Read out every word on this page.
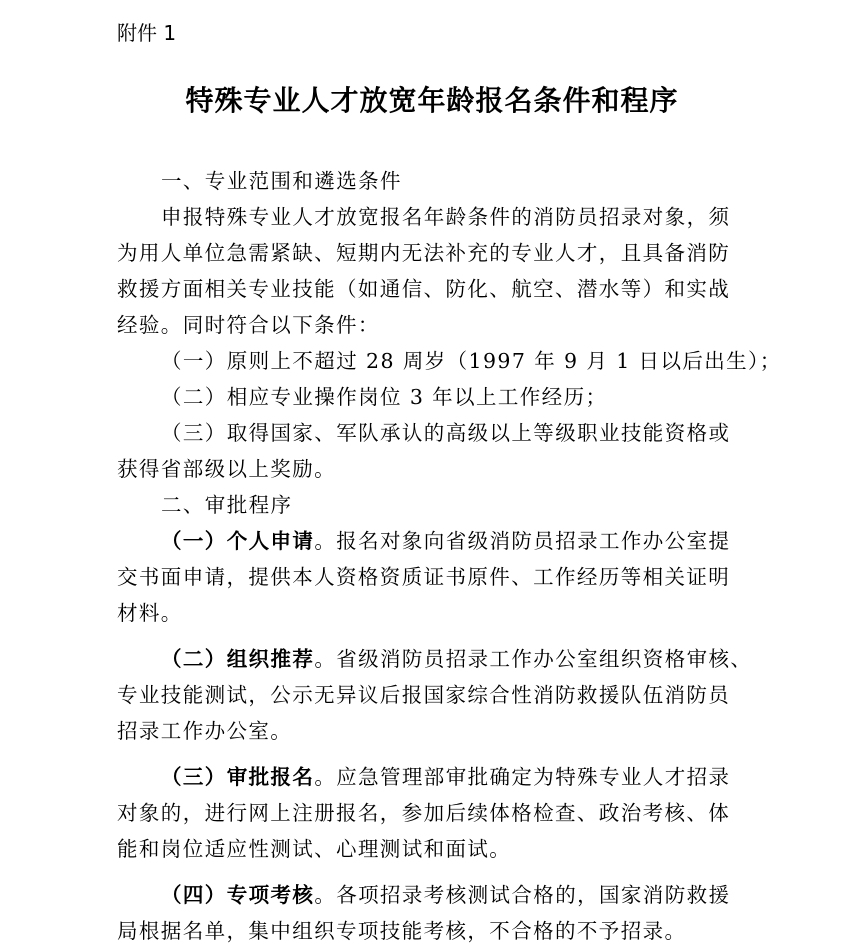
附件 1
特殊专业人才放宽年龄报名条件和程序
一、专业范围和遴选条件
申报特殊专业人才放宽报名年龄条件的消防员招录对象，须
为用人单位急需紧缺、短期内无法补充的专业人才，且具备消防
救援方面相关专业技能（如通信、防化、航空、潜水等）和实战
经验。同时符合以下条件：
（一）原则上不超过 28 周岁（1997 年 9 月 1 日以后出生）；
（二）相应专业操作岗位 3 年以上工作经历；
（三）取得国家、军队承认的高级以上等级职业技能资格或
获得省部级以上奖励。
二、审批程序
（一）个人申请。报名对象向省级消防员招录工作办公室提
交书面申请，提供本人资格资质证书原件、工作经历等相关证明
材料。
（二）组织推荐。省级消防员招录工作办公室组织资格审核、
专业技能测试，公示无异议后报国家综合性消防救援队伍消防员
招录工作办公室。
（三）审批报名。应急管理部审批确定为特殊专业人才招录
对象的，进行网上注册报名，参加后续体格检查、政治考核、体
能和岗位适应性测试、心理测试和面试。
（四）专项考核。各项招录考核测试合格的，国家消防救援
局根据名单，集中组织专项技能考核，不合格的不予招录。
